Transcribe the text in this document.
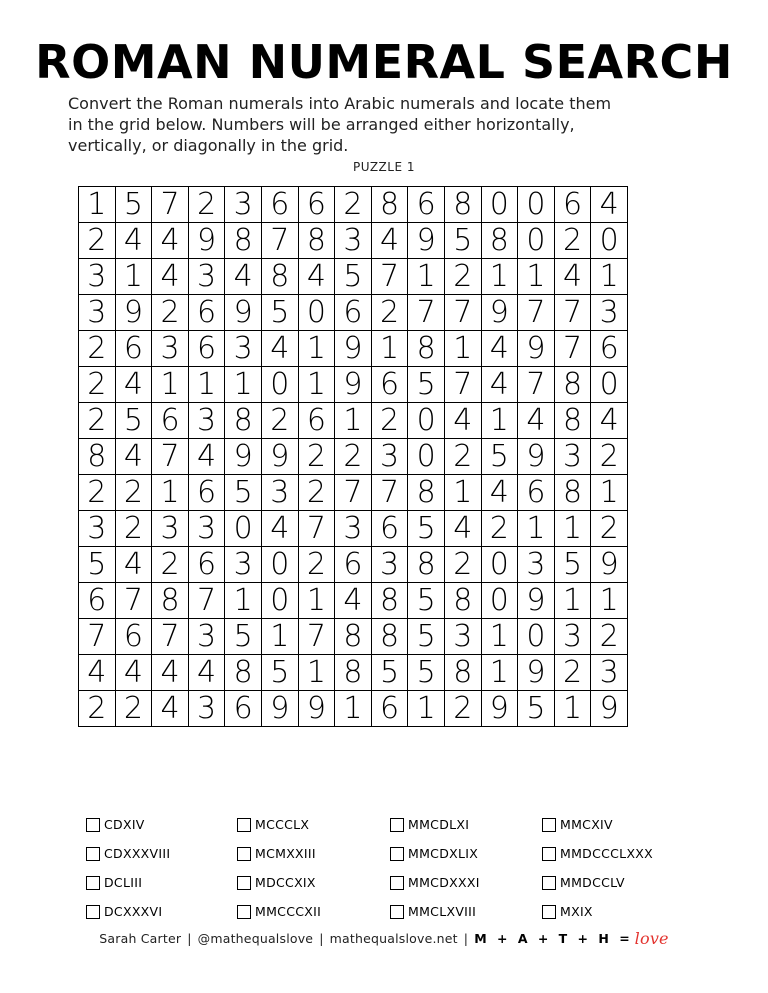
ROMAN NUMERAL SEARCH
Convert the Roman numerals into Arabic numerals and locate them
in the grid below. Numbers will be arranged either horizontally,
vertically, or diagonally in the grid.
PUZZLE 1
1	5	7	2	3	6	6	2	8	6	8	0	0	6	4
2	4	4	9	8	7	8	3	4	9	5	8	0	2	0
3	1	4	3	4	8	4	5	7	1	2	1	1	4	1
3	9	2	6	9	5	0	6	2	7	7	9	7	7	3
2	6	3	6	3	4	1	9	1	8	1	4	9	7	6
2	4	1	1	1	0	1	9	6	5	7	4	7	8	0
2	5	6	3	8	2	6	1	2	0	4	1	4	8	4
8	4	7	4	9	9	2	2	3	0	2	5	9	3	2
2	2	1	6	5	3	2	7	7	8	1	4	6	8	1
3	2	3	3	0	4	7	3	6	5	4	2	1	1	2
5	4	2	6	3	0	2	6	3	8	2	0	3	5	9
6	7	8	7	1	0	1	4	8	5	8	0	9	1	1
7	6	7	3	5	1	7	8	8	5	3	1	0	3	2
4	4	4	4	8	5	1	8	5	5	8	1	9	2	3
2	2	4	3	6	9	9	1	6	1	2	9	5	1	9
CDXIV
CDXXXVIII
DCLIII
DCXXXVI
MCCCLX
MCMXXIII
MDCCXIX
MMCCCXII
MMCDLXI
MMCDXLIX
MMCDXXXI
MMCLXVIII
MMCXIV
MMDCCCLXXX
MMDCCLV
MXIX
Sarah Carter | @mathequalslove | mathequalslove.net | M + A + T + H = love
